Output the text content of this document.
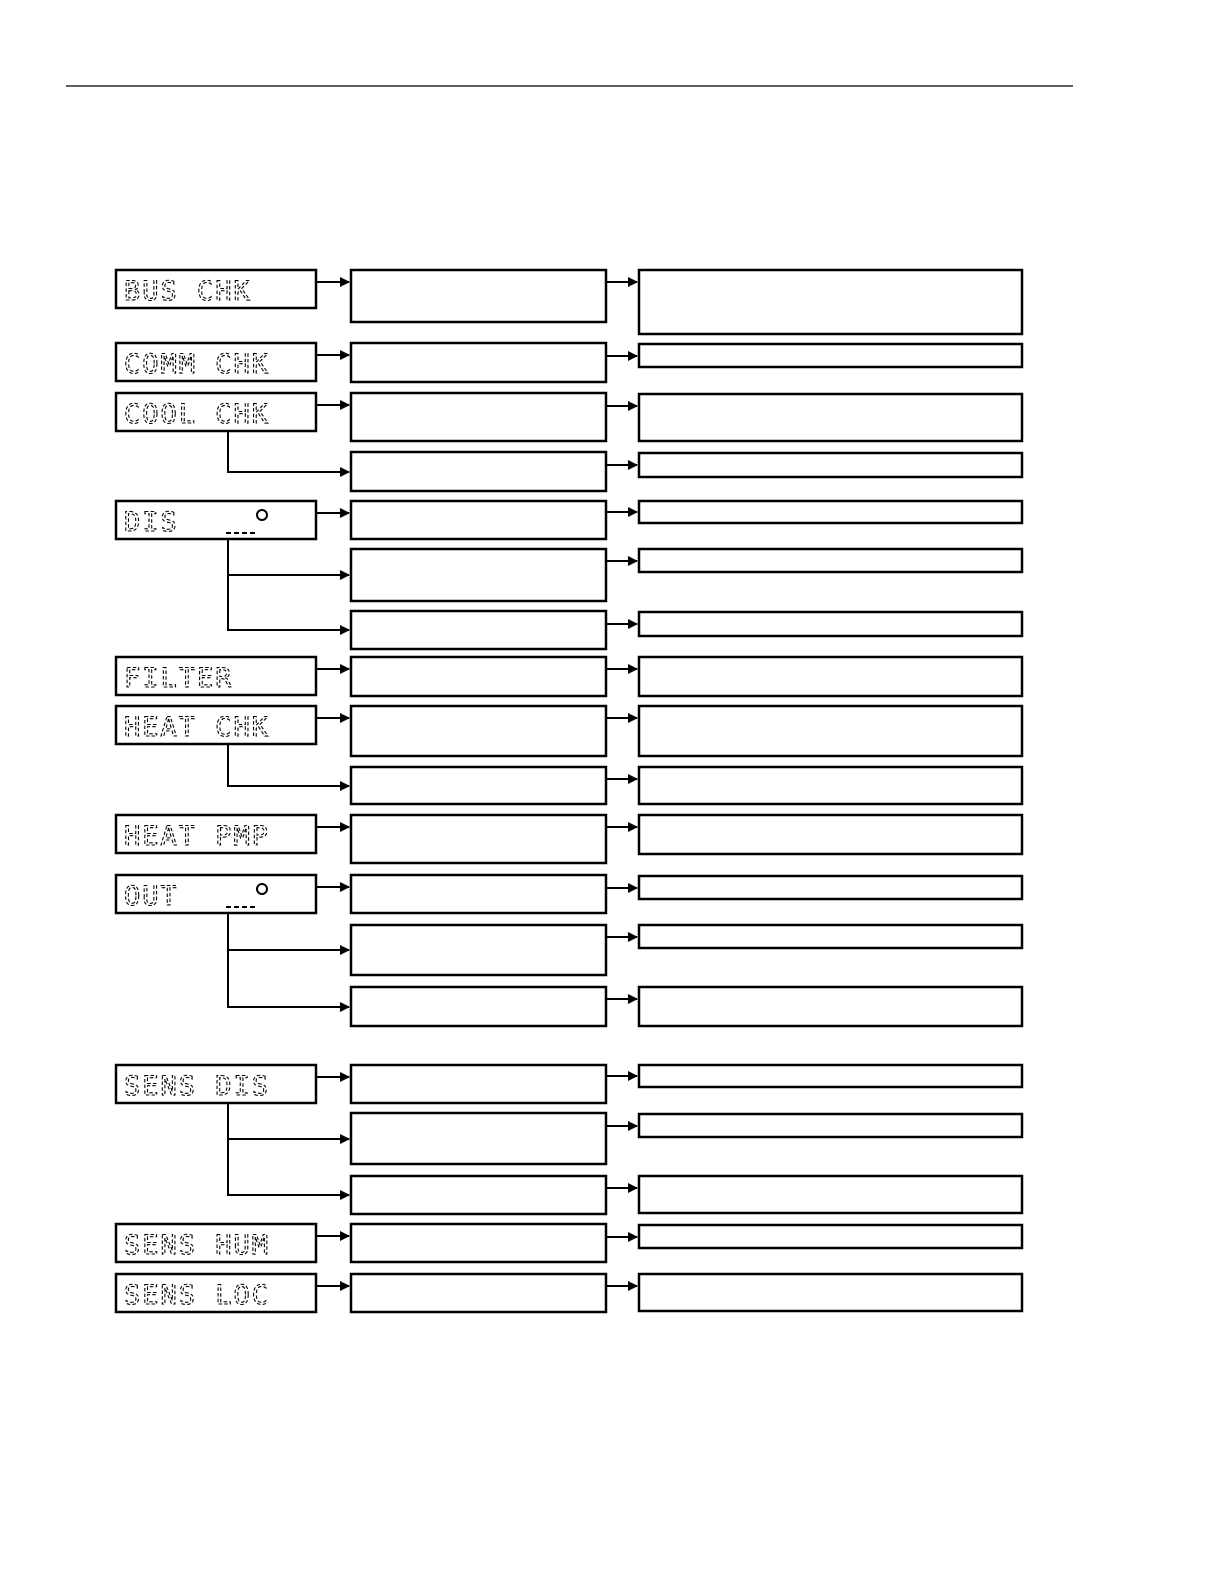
BUS CHK
COMM CHK
COOL CHK
DIS
FILTER
HEAT CHK
HEAT PMP
OUT
SENS DIS
SENS HUM
SENS LOC
